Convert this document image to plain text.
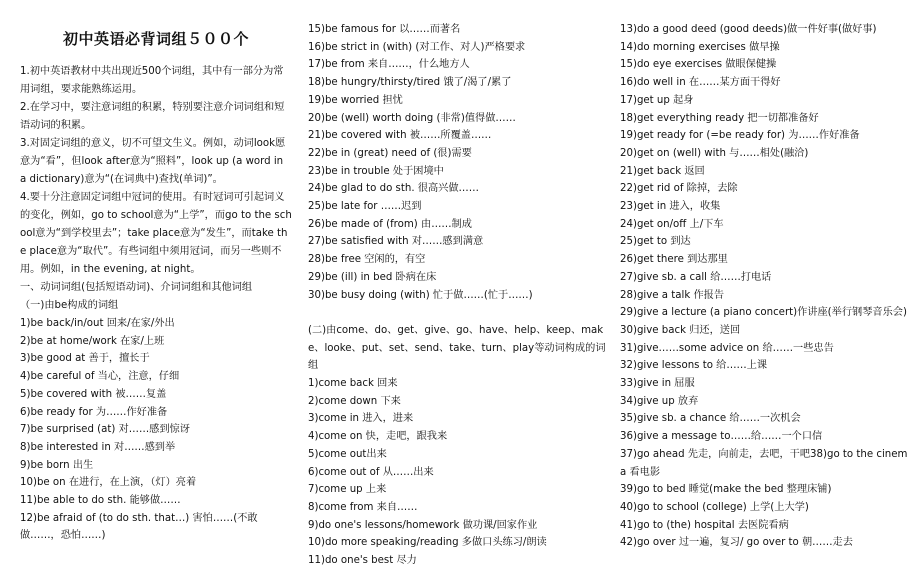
初中英语必背词组５００个

1.初中英语教材中共出现近500个词组，其中有一部分为常用词组，要求能熟练运用。

2.在学习中，要注意词组的积累，特别要注意介词词组和短语动词的积累。

3.对固定词组的意义，切不可望文生义。例如，动词look愿意为“看”，但look after意为“照料”，look up (a word in a dictionary)意为“(在词典中)查找(单词)”。

4.要十分注意固定词组中冠词的使用。有时冠词可引起词义的变化，例如，go to school意为“上学”，而go to the school意为“到学校里去”；take place意为“发生”，而take the place意为“取代”。有些词组中须用冠词，而另一些则不用。例如，in the evening, at night。

一、动词词组(包括短语动词)、介词词组和其他词组

（一)由be构成的词组

1)be back/in/out 回来/在家/外出
2)be at home/work 在家/上班
3)be good at 善于，擅长于
4)be careful of 当心，注意，仔细
5)be covered with 被……复盖
6)be ready for 为……作好准备
7)be surprised (at) 对……感到惊讶
8)be interested in 对……感到举
9)be born 出生
10)be on 在进行，在上演，（灯）亮着
11)be able to do sth. 能够做……
12)be afraid of (to do sth. that…) 害怕……(不敢做……，恐怕……)
15)be famous for 以……而著名
16)be strict in (with) (对工作、对人)严格要求
17)be from 来自……，什么地方人
18)be hungry/thirsty/tired 饿了/渴了/累了
19)be worried 担忧
20)be (well) worth doing (非常)值得做……
21)be covered with 被……所覆盖……
22)be in (great) need of (很)需要
23)be in trouble 处于困境中
24)be glad to do sth. 很高兴做……
25)be late for ……迟到
26)be made of (from) 由……制成
27)be satisfied with 对……感到满意
28)be free 空闲的，有空
29)be (ill) in bed 卧病在床
30)be busy doing (with) 忙于做……(忙于……)
(二)由come、do、get、give、go、have、help、keep、make、looke、put、set、send、take、turn、play等动词构成的词组
1)come back 回来
2)come down 下来
3)come in 进入，进来
4)come on 快，走吧，跟我来
5)come out出来
6)come out of 从……出来
7)come up 上来
8)come from 来自……
9)do one's lessons/homework 做功课/回家作业
10)do more speaking/reading 多做口头练习/朗读
11)do one's best 尽力
13)do a good deed (good deeds)做一件好事(做好事)
14)do morning exercises 做早操
15)do eye exercises 做眼保健操
16)do well in 在……某方面干得好
17)get up 起身
18)get everything ready 把一切都准备好
19)get ready for (=be ready for) 为……作好准备
20)get on (well) with 与……相处(融洽)
21)get back 返回
22)get rid of 除掉，去除
23)get in 进入，收集
24)get on/off 上/下车
25)get to 到达
26)get there 到达那里
27)give sb. a call 给……打电话
28)give a talk 作报告
29)give a lecture (a piano concert)作讲座(举行钢琴音乐会)
30)give back 归还，送回
31)give……some advice on 给……一些忠告
32)give lessons to 给……上课
33)give in 屈服
34)give up 放弃
35)give sb. a chance 给……一次机会
36)give a message to……给……一个口信
37)go ahead 先走，向前走，去吧，干吧38)go to the cinema 看电影
39)go to bed 睡觉(make the bed 整理床铺)
40)go to school (college) 上学(上大学)
41)go to (the) hospital 去医院看病
42)go over 过一遍，复习/ go over to 朝……走去
